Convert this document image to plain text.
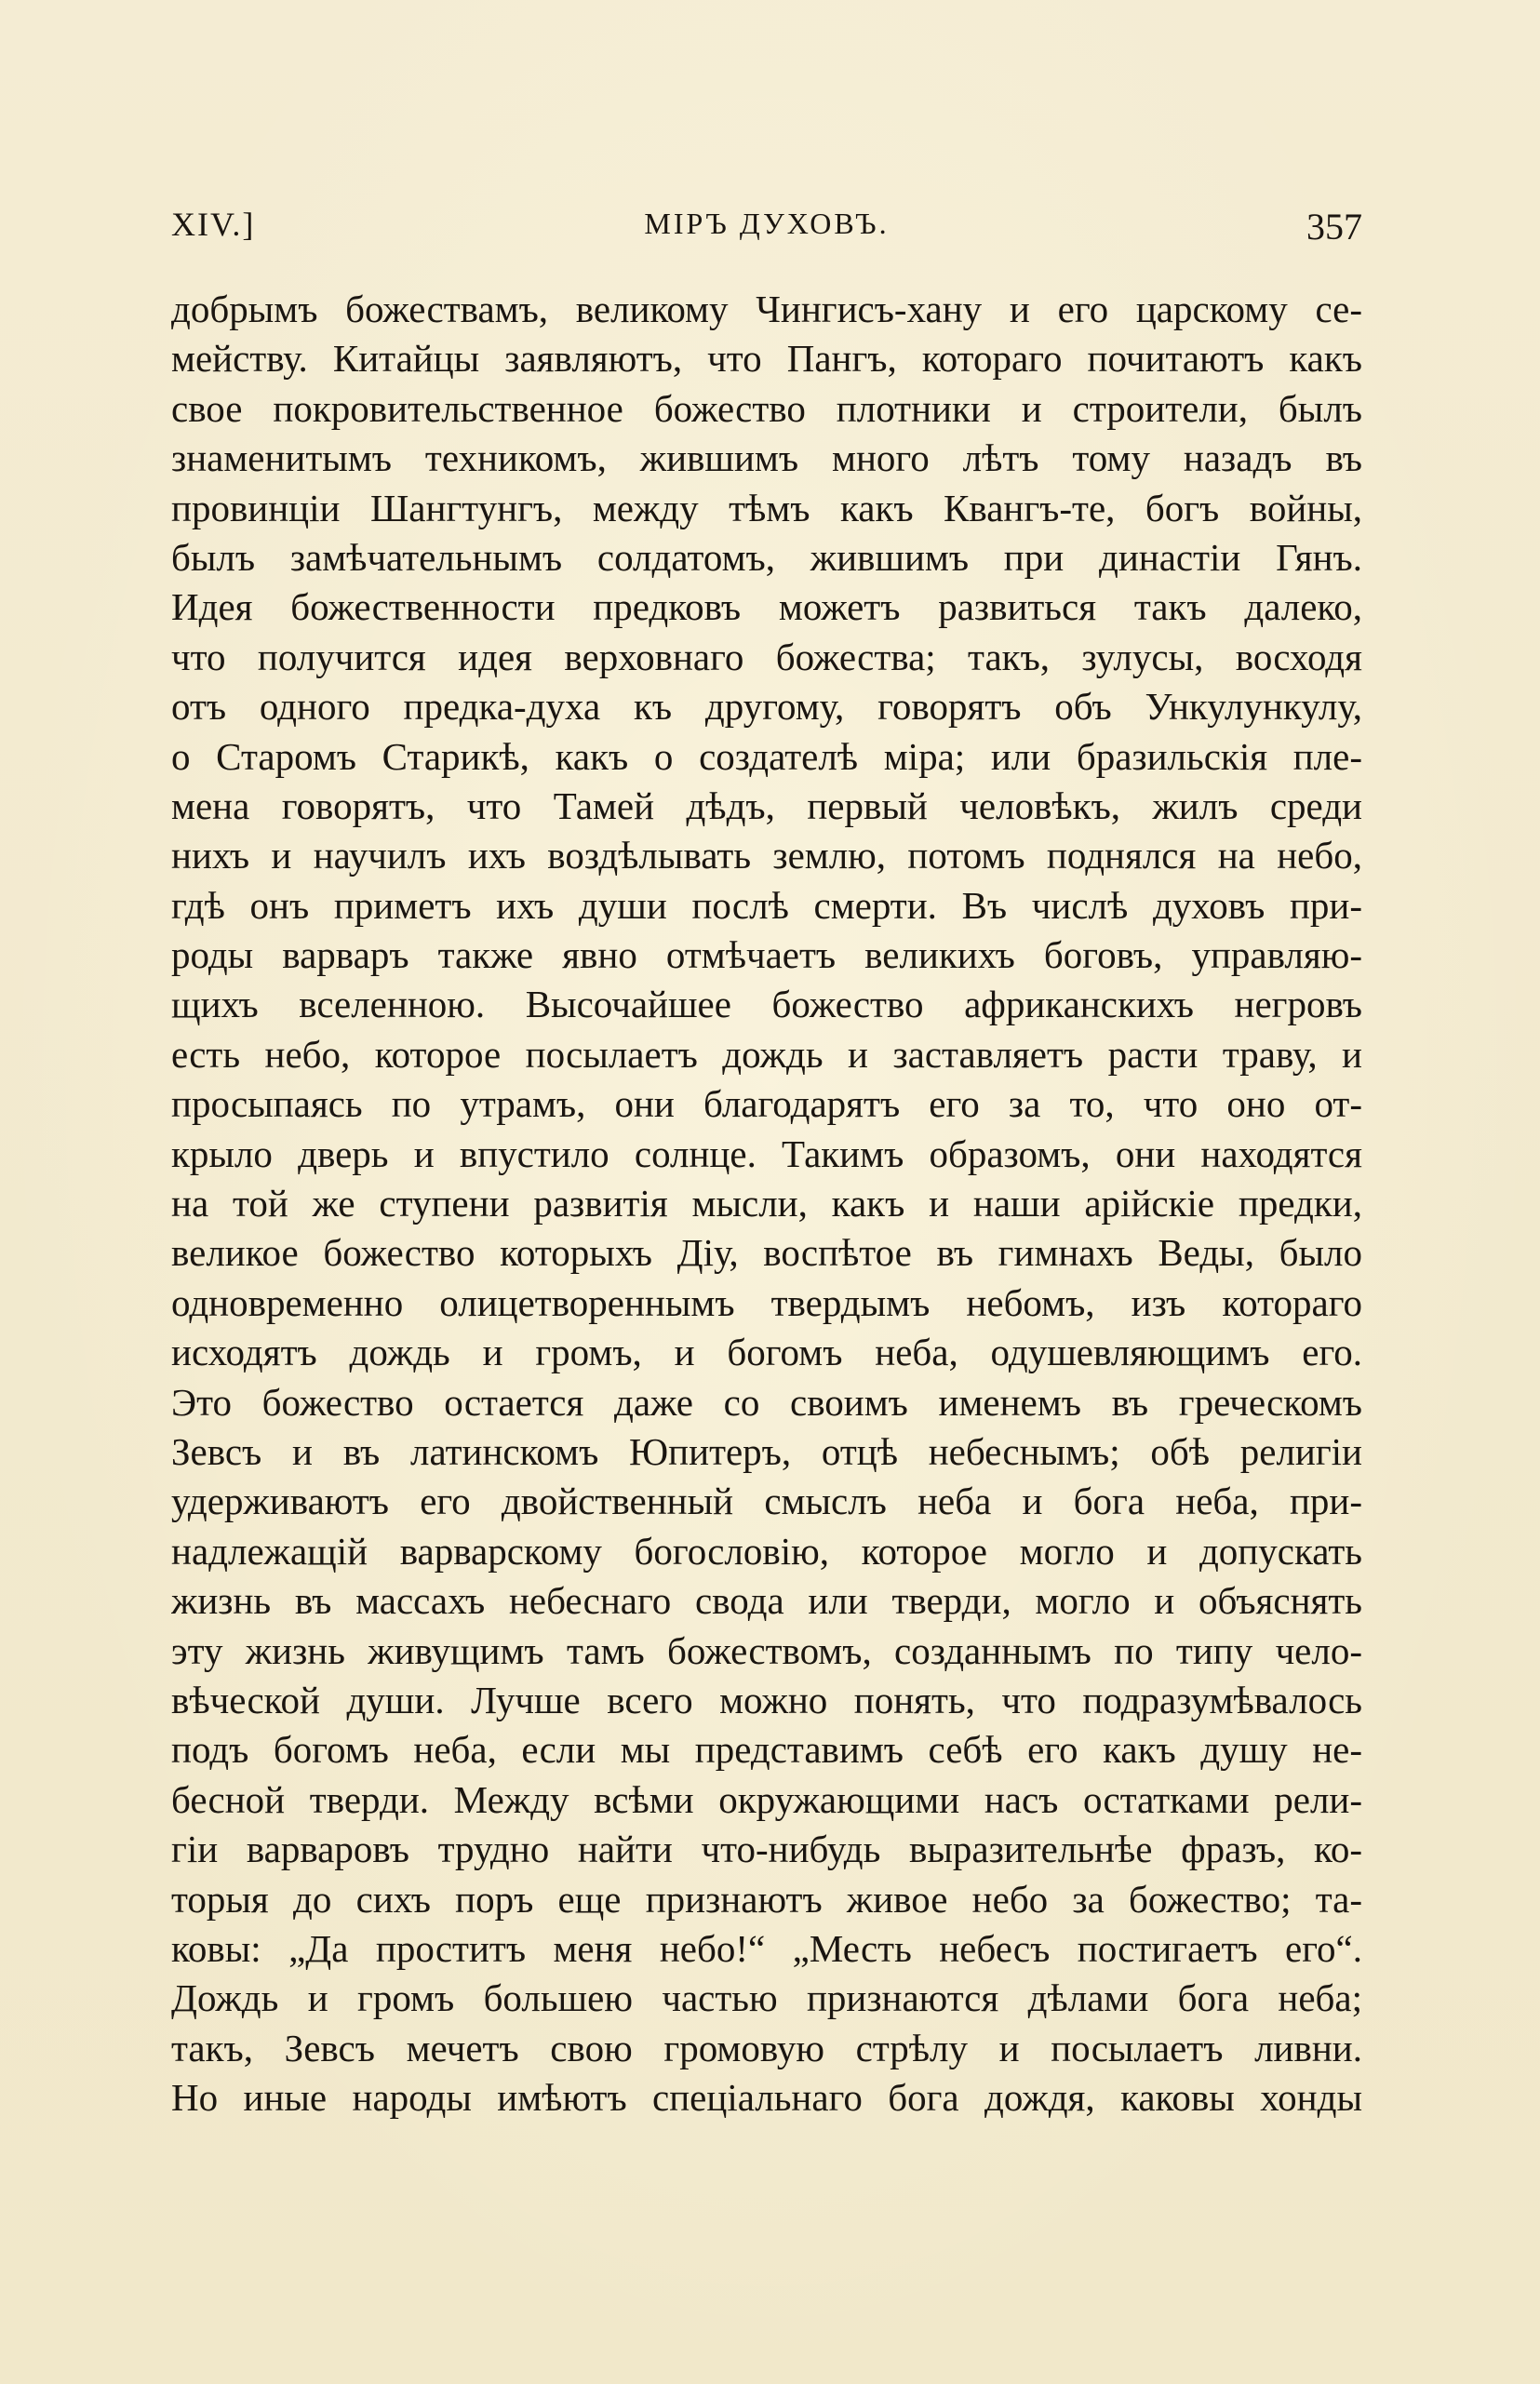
XIV.]	МІРЪ ДУХОВЪ.	357
добрымъ божествамъ, великому Чингисъ-хану и его царскому се-
мейству. Китайцы заявляютъ, что Пангъ, котораго почитаютъ какъ
свое покровительственное божество плотники и строители, былъ
знаменитымъ техникомъ, жившимъ много лѣтъ тому назадъ въ
провинціи Шангтунгъ, между тѣмъ какъ Квангъ-те, богъ войны,
былъ замѣчательнымъ солдатомъ, жившимъ при династіи Гянъ.
Идея божественности предковъ можетъ развиться такъ далеко,
что получится идея верховнаго божества; такъ, зулусы, восходя
отъ одного предка-духа къ другому, говорятъ объ Ункулункулу,
о Старомъ Старикѣ, какъ о создателѣ міра; или бразильскія пле-
мена говорятъ, что Тамей дѣдъ, первый человѣкъ, жилъ среди
нихъ и научилъ ихъ воздѣлывать землю, потомъ поднялся на небо,
гдѣ онъ приметъ ихъ души послѣ смерти. Въ числѣ духовъ при-
роды варваръ также явно отмѣчаетъ великихъ боговъ, управляю-
щихъ вселенною. Высочайшее божество африканскихъ негровъ
есть небо, которое посылаетъ дождь и заставляетъ расти траву, и
просыпаясь по утрамъ, они благодарятъ его за то, что оно от-
крыло дверь и впустило солнце. Такимъ образомъ, они находятся
на той же ступени развитія мысли, какъ и наши арійскіе предки,
великое божество которыхъ Діу, воспѣтое въ гимнахъ Веды, было
одновременно олицетвореннымъ твердымъ небомъ, изъ котораго
исходятъ дождь и громъ, и богомъ неба, одушевляющимъ его.
Это божество остается даже со своимъ именемъ въ греческомъ
Зевсъ и въ латинскомъ Юпитеръ, отцѣ небеснымъ; обѣ религіи
удерживаютъ его двойственный смыслъ неба и бога неба, при-
надлежащій варварскому богословію, которое могло и допускать
жизнь въ массахъ небеснаго свода или тверди, могло и объяснять
эту жизнь живущимъ тамъ божествомъ, созданнымъ по типу чело-
вѣческой души. Лучше всего можно понять, что подразумѣвалось
подъ богомъ неба, если мы представимъ себѣ его какъ душу не-
бесной тверди. Между всѣми окружающими насъ остатками рели-
гіи варваровъ трудно найти что-нибудь выразительнѣе фразъ, ко-
торыя до сихъ поръ еще признаютъ живое небо за божество; та-
ковы: „Да проститъ меня небо!“ „Месть небесъ постигаетъ его“.
Дождь и громъ большею частью признаются дѣлами бога неба;
такъ, Зевсъ мечетъ свою громовую стрѣлу и посылаетъ ливни.
Но иные народы имѣютъ спеціальнаго бога дождя, каковы хонды
